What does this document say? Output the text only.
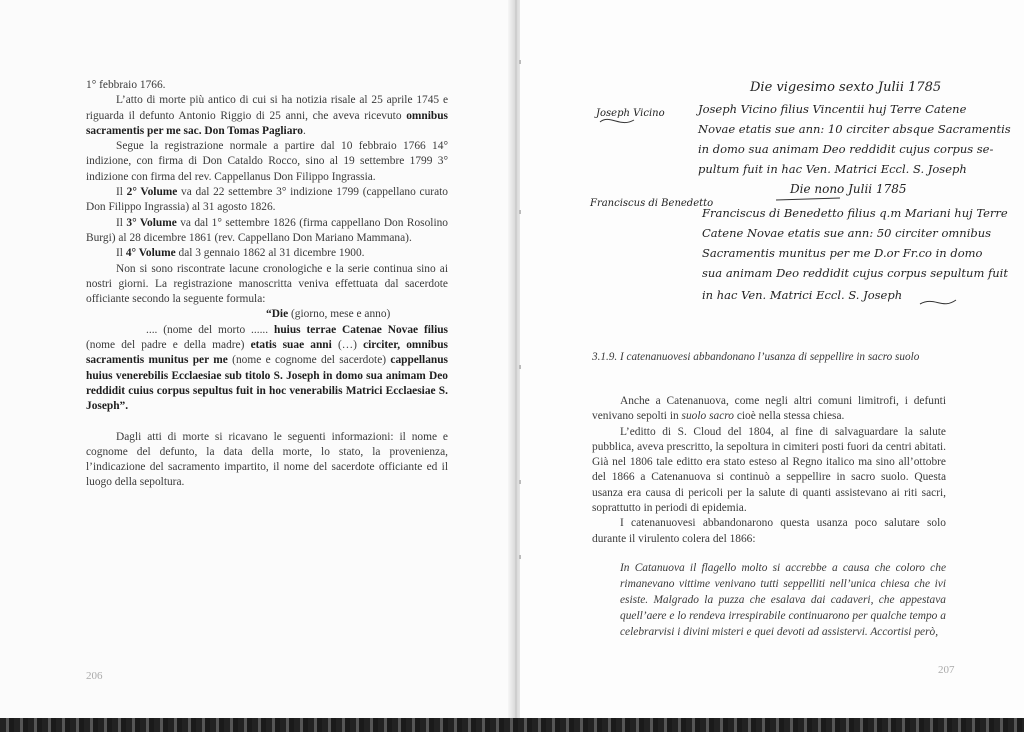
1° febbraio 1766.

L’atto di morte più antico di cui si ha notizia risale al 25 aprile 1745 e riguarda il defunto Antonio Riggio di 25 anni, che aveva ricevuto omnibus sacramentis per me sac. Don Tomas Pagliaro.

Segue la registrazione normale a partire dal 10 febbraio 1766 14° indizione, con firma di Don Cataldo Rocco, sino al 19 settembre 1799 3° indizione con firma del rev. Cappellanus Don Filippo Ingrassia.

Il 2° Volume va dal 22 settembre 3° indizione 1799 (cappellano curato Don Filippo Ingrassia) al 31 agosto 1826.

Il 3° Volume va dal 1° settembre 1826 (firma cappellano Don Rosolino Burgi) al 28 dicembre 1861 (rev. Cappellano Don Mariano Mammana).

Il 4° Volume dal 3 gennaio 1862 al 31 dicembre 1900.

Non si sono riscontrate lacune cronologiche e la serie continua sino ai nostri giorni. La registrazione manoscritta veniva effettuata dal sacerdote officiante secondo la seguente formula:

“Die (giorno, mese e anno)

.... (nome del morto ...... huius terrae Catenae Novae filius (nome del padre e della madre) etatis suae anni (…) circiter, omnibus sacramentis munitus per me (nome e cognome del sacerdote) cappellanus huius venerebilis Ecclaesiae sub titolo S. Joseph in domo sua animam Deo reddidit cuius corpus sepultus fuit in hoc venerabilis Matrici Ecclaesiae S. Joseph”.

Dagli atti di morte si ricavano le seguenti informazioni: il nome e cognome del defunto, la data della morte, lo stato, la provenienza, l’indicazione del sacramento impartito, il nome del sacerdote officiante ed il luogo della sepoltura.

206
Die vigesimo sexto Julii 1785
Joseph Vicino	Joseph Vicino filius Vincentii huj Terre Catene
Novae etatis sue ann: 10 circiter absque Sacramentis
in domo sua animam Deo reddidit cujus corpus se-
pultum fuit in hac Ven. Matrici Eccl. S. Joseph
Franciscus di Benedetto
Die nono Julii 1785
Franciscus di Benedetto filius q.m Mariani huj Terre
Catene Novae etatis sue ann: 50 circiter omnibus
Sacramentis munitus per me D.or Fr.co in domo
sua animam Deo reddidit cujus corpus sepultum fuit
in hac Ven. Matrici Eccl. S. Joseph

3.1.9. I catenanuovesi abbandonano l’usanza di seppellire in sacro suolo

Anche a Catenanuova, come negli altri comuni limitrofi, i defunti venivano sepolti in suolo sacro cioè nella stessa chiesa.

L’editto di S. Cloud del 1804, al fine di salvaguardare la salute pubblica, aveva prescritto, la sepoltura in cimiteri posti fuori da centri abitati. Già nel 1806 tale editto era stato esteso al Regno italico ma sino all’ottobre del 1866 a Catenanuova si continuò a seppellire in sacro suolo. Questa usanza era causa di pericoli per la salute di quanti assistevano ai riti sacri, soprattutto in periodi di epidemia.

I catenanuovesi abbandonarono questa usanza poco salutare solo durante il virulento colera del 1866:

In Catanuova il flagello molto si accrebbe a causa che coloro che rimanevano vittime venivano tutti seppelliti nell’unica chiesa che ivi esiste. Malgrado la puzza che esalava dai cadaveri, che appestava quell’aere e lo rendeva irrespirabile continuarono per qualche tempo a celebrarvisi i divini misteri e quei devoti ad assistervi. Accortisi però,

207
